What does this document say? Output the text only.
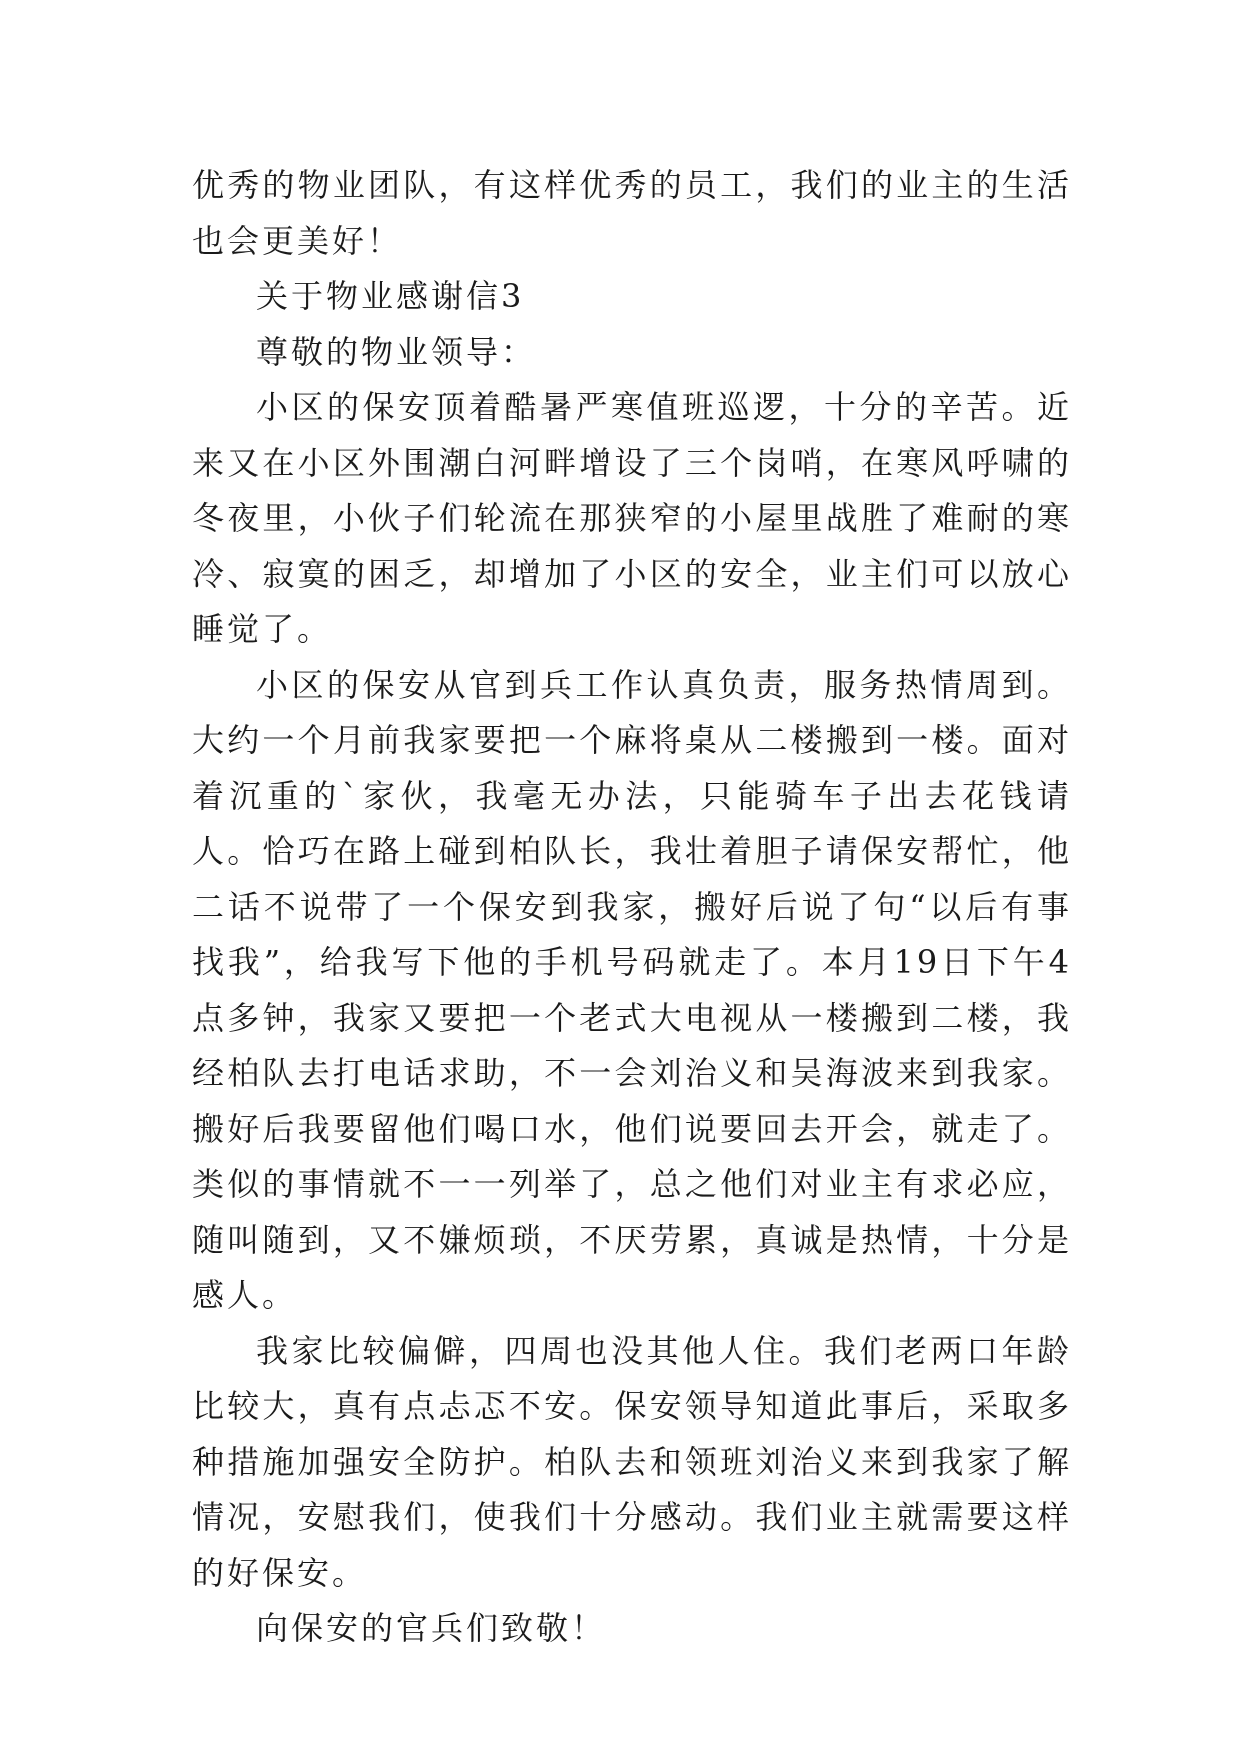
优秀的物业团队，有这样优秀的员工，我们的业主的生活也会更美好！

关于物业感谢信3

尊敬的物业领导：

小区的保安顶着酷暑严寒值班巡逻，十分的辛苦。近来又在小区外围潮白河畔增设了三个岗哨，在寒风呼啸的冬夜里，小伙子们轮流在那狭窄的小屋里战胜了难耐的寒冷、寂寞的困乏，却增加了小区的安全，业主们可以放心睡觉了。

小区的保安从官到兵工作认真负责，服务热情周到。大约一个月前我家要把一个麻将桌从二楼搬到一楼。面对着沉重的`家伙，我毫无办法，只能骑车子出去花钱请人。恰巧在路上碰到柏队长，我壮着胆子请保安帮忙，他二话不说带了一个保安到我家，搬好后说了句“以后有事找我”，给我写下他的手机号码就走了。本月19日下午4点多钟，我家又要把一个老式大电视从一楼搬到二楼，我经柏队去打电话求助，不一会刘治义和吴海波来到我家。搬好后我要留他们喝口水，他们说要回去开会，就走了。类似的事情就不一一列举了，总之他们对业主有求必应，随叫随到，又不嫌烦琐，不厌劳累，真诚是热情，十分是感人。

我家比较偏僻，四周也没其他人住。我们老两口年龄比较大，真有点忐忑不安。保安领导知道此事后，采取多种措施加强安全防护。柏队去和领班刘治义来到我家了解情况，安慰我们，使我们十分感动。我们业主就需要这样的好保安。

向保安的官兵们致敬！
